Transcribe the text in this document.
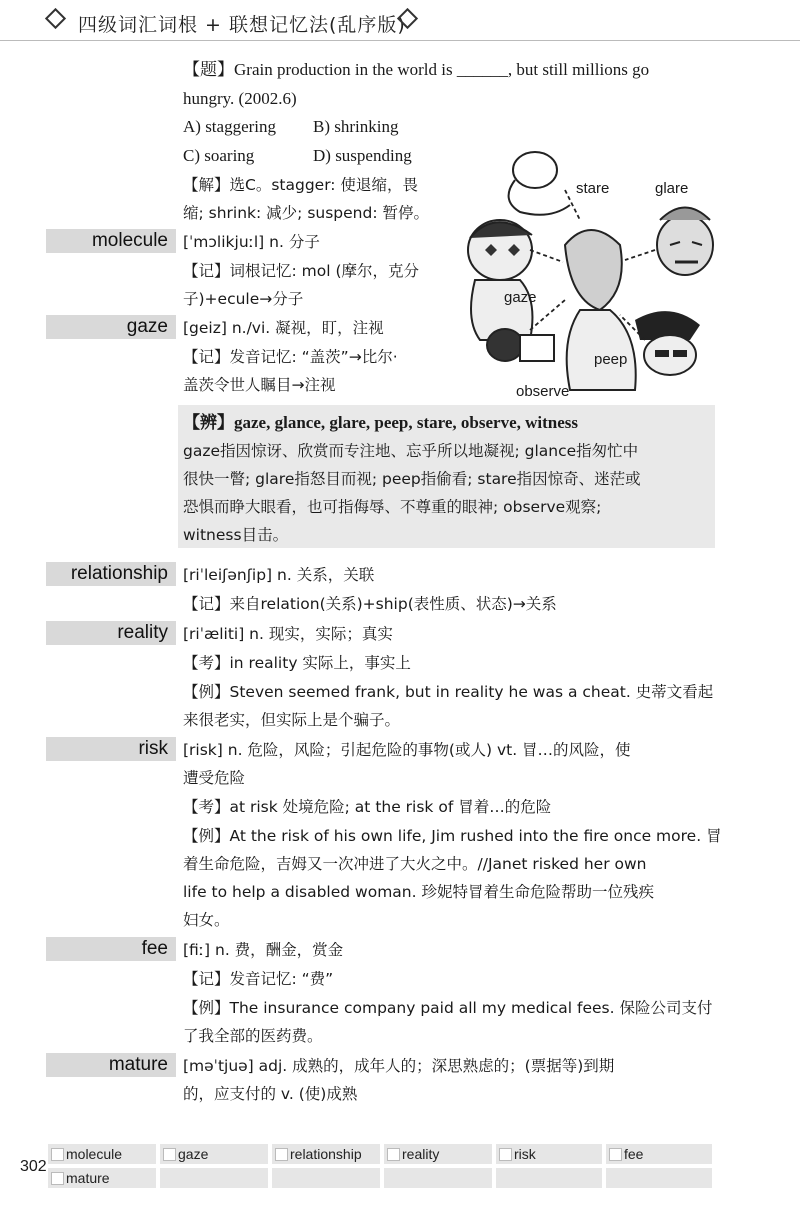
四级词汇词根 + 联想记忆法(乱序版)
【题】Grain production in the world is ______, but still millions go
hungry. (2002.6)
A) staggering B) shrinking
C) soaring	D) suspending
【解】选C。stagger: 使退缩，畏
缩; shrink: 减少; suspend: 暂停。
stare	glare
gaze
peep
observe
molecule [ˈmɔlikjuːl] n. 分子
【记】词根记忆: mol (摩尔，克分
子)+ecule→分子
gaze [geiz] n./vi. 凝视，盯，注视
【记】发音记忆: “盖茨”→比尔·
盖茨令世人瞩目→注视
【辨】gaze, glance, glare, peep, stare, observe, witness
gaze指因惊讶、欣赏而专注地、忘乎所以地凝视; glance指匆忙中
很快一瞥; glare指怒目而视; peep指偷看; stare指因惊奇、迷茫或
恐惧而睁大眼看，也可指侮辱、不尊重的眼神; observe观察;
witness目击。
relationship [riˈleiʃənʃip] n. 关系，关联
【记】来自relation(关系)+ship(表性质、状态)→关系
reality [riˈæliti] n. 现实，实际；真实
【考】in reality 实际上，事实上
【例】Steven seemed frank, but in reality he was a cheat. 史蒂文看起
来很老实，但实际上是个骗子。
risk [risk] n. 危险，风险；引起危险的事物(或人) vt. 冒…的风险，使
遭受危险
【考】at risk 处境危险; at the risk of 冒着…的危险
【例】At the risk of his own life, Jim rushed into the fire once more. 冒
着生命危险，吉姆又一次冲进了大火之中。//Janet risked her own
life to help a disabled woman. 珍妮特冒着生命危险帮助一位残疾
妇女。
fee [fiː] n. 费，酬金，赏金
【记】发音记忆: “费”
【例】The insurance company paid all my medical fees. 保险公司支付
了我全部的医药费。
mature [məˈtjuə] adj. 成熟的，成年人的；深思熟虑的；(票据等)到期
的，应支付的 v. (使)成熟
302
molecule	gaze	relationship	reality	risk	fee
mature
